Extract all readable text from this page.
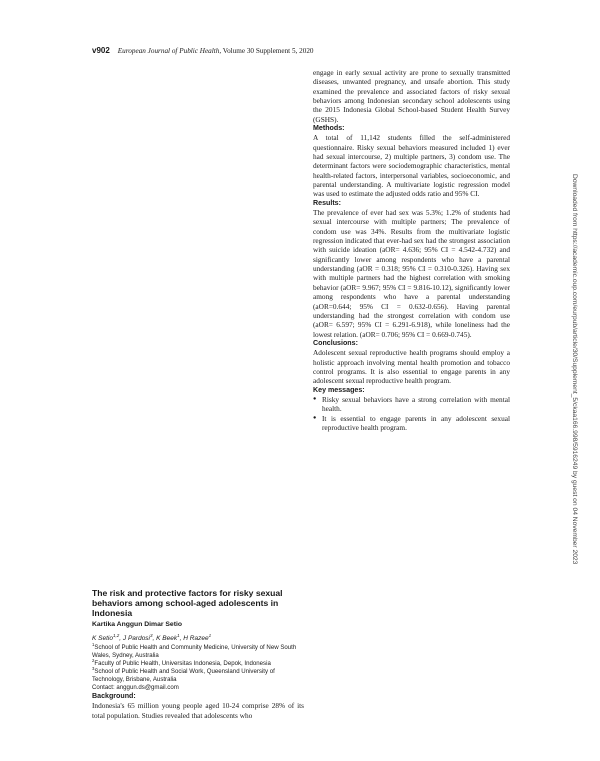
v902 European Journal of Public Health, Volume 30 Supplement 5, 2020

engage in early sexual activity are prone to sexually transmitted diseases, unwanted pregnancy, and unsafe abortion. This study examined the prevalence and associated factors of risky sexual behaviors among Indonesian secondary school adolescents using the 2015 Indonesia Global School-based Student Health Survey (GSHS).

Methods:

A total of 11,142 students filled the self-administered questionnaire. Risky sexual behaviors measured included 1) ever had sexual intercourse, 2) multiple partners, 3) condom use. The determinant factors were sociodemographic characteristics, mental health-related factors, interpersonal variables, socioeconomic, and parental understanding. A multivariate logistic regression model was used to estimate the adjusted odds ratio and 95% CI.

Results:

The prevalence of ever had sex was 5.3%; 1.2% of students had sexual intercourse with multiple partners; The prevalence of condom use was 34%. Results from the multivariate logistic regression indicated that ever-had sex had the strongest association with suicide ideation (aOR= 4.636; 95% CI = 4.542-4.732) and significantly lower among respondents who have a parental understanding (aOR = 0.318; 95% CI = 0.310-0.326). Having sex with multiple partners had the highest correlation with smoking behavior (aOR= 9.967; 95% CI = 9.816-10.12), significantly lower among respondents who have a parental understanding (aOR=0.644; 95% CI = 0.632-0.656). Having parental understanding had the strongest correlation with condom use (aOR= 6.597; 95% CI = 6.291-6.918), while loneliness had the lowest relation. (aOR= 0.706; 95% CI = 0.669-0.745).

Conclusions:

Adolescent sexual reproductive health programs should employ a holistic approach involving mental health promotion and tobacco control programs. It is also essential to engage parents in any adolescent sexual reproductive health program.

Key messages:

● Risky sexual behaviors have a strong correlation with mental health.
● It is essential to engage parents in any adolescent sexual reproductive health program.

The risk and protective factors for risky sexual behaviors among school-aged adolescents in Indonesia

Kartika Anggun Dimar Setio
K Setio$^{1,2}$, J Pardosi$^3$, K Beek$^1$, H Razee$^1$

$^1$School of Public Health and Community Medicine, University of New South Wales, Sydney, Australia

$^2$Faculty of Public Health, Universitas Indonesia, Depok, Indonesia

$^3$School of Public Health and Social Work, Queensland University of Technology, Brisbane, Australia

Contact: anggun.ds@gmail.com

Background:

Indonesia's 65 million young people aged 10-24 comprise 28% of its total population. Studies revealed that adolescents who

Downloaded from https://academic.oup.com/eurpub/article/30/Supplement_5/ckaa166.998/5916249 by guest on 04 November 2023
